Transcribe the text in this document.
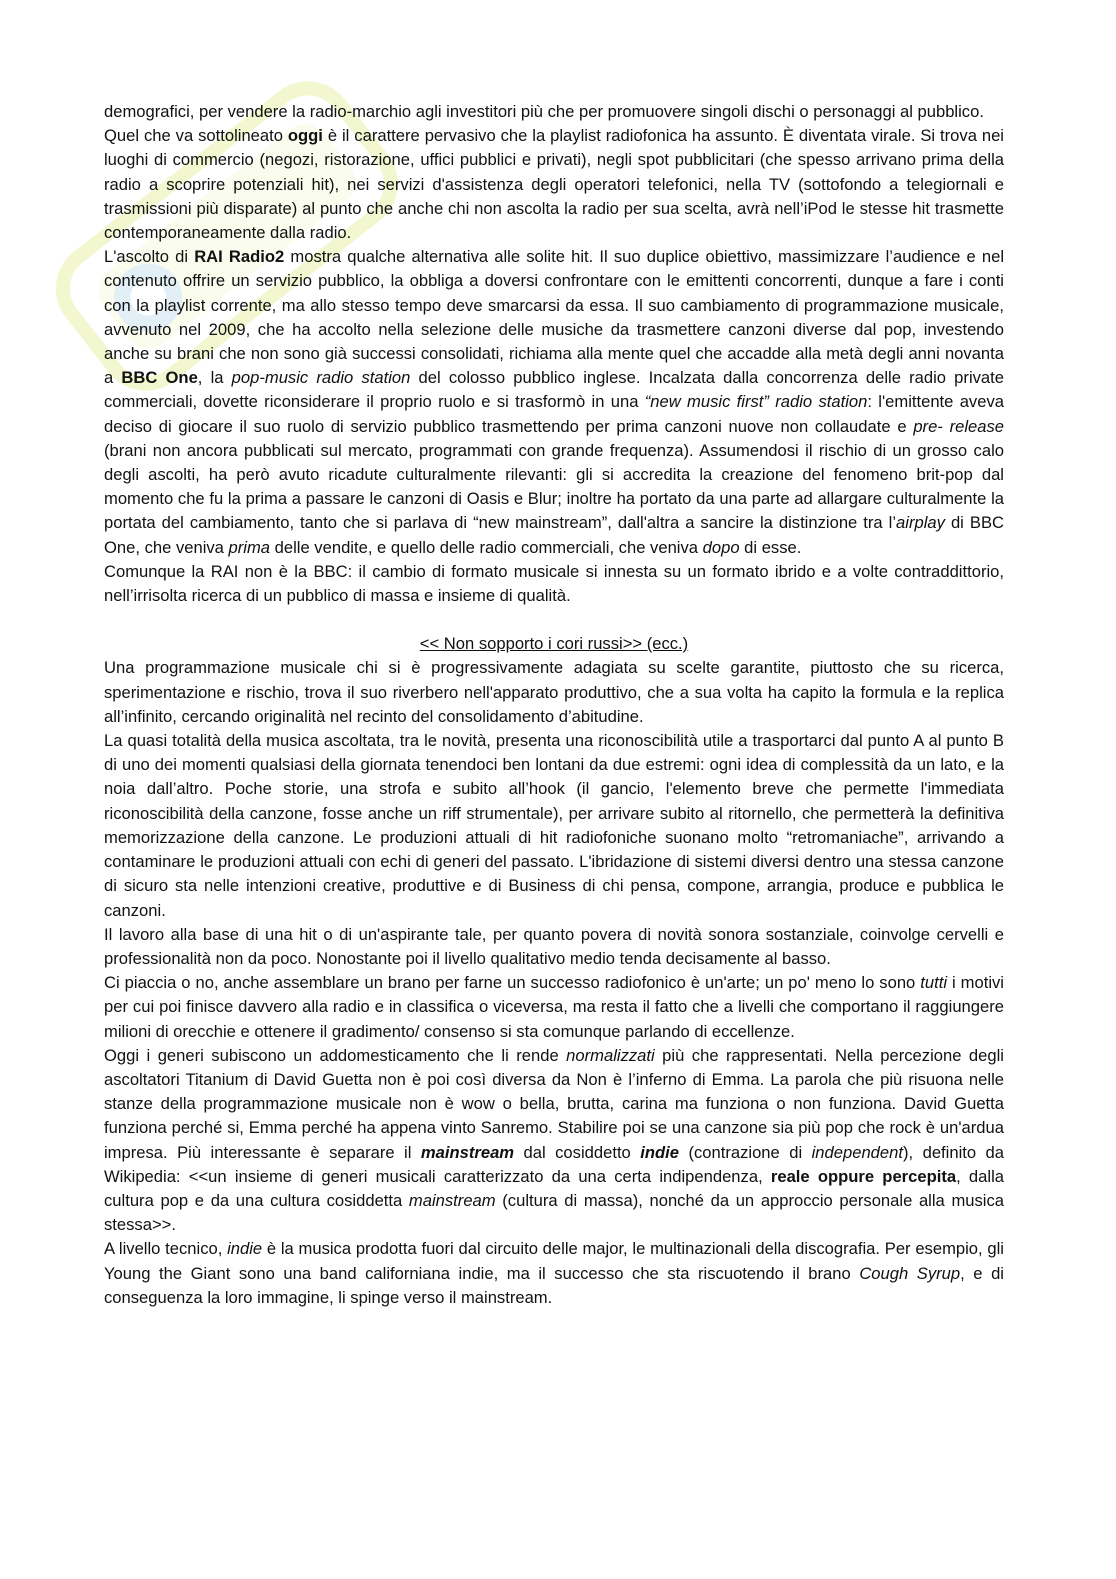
demografici, per vendere la radio-marchio agli investitori più che per promuovere singoli dischi o personaggi al pubblico.

Quel che va sottolineato oggi è il carattere pervasivo che la playlist radiofonica ha assunto. È diventata virale. Si trova nei luoghi di commercio (negozi, ristorazione, uffici pubblici e privati), negli spot pubblicitari (che spesso arrivano prima della radio a scoprire potenziali hit), nei servizi d'assistenza degli operatori telefonici, nella TV (sottofondo a telegiornali e trasmissioni più disparate) al punto che anche chi non ascolta la radio per sua scelta, avrà nell’iPod le stesse hit trasmette contemporaneamente dalla radio.

L'ascolto di RAI Radio2 mostra qualche alternativa alle solite hit. Il suo duplice obiettivo, massimizzare l’audience e nel contenuto offrire un servizio pubblico, la obbliga a doversi confrontare con le emittenti concorrenti, dunque a fare i conti con la playlist corrente, ma allo stesso tempo deve smarcarsi da essa. Il suo cambiamento di programmazione musicale, avvenuto nel 2009, che ha accolto nella selezione delle musiche da trasmettere canzoni diverse dal pop, investendo anche su brani che non sono già successi consolidati, richiama alla mente quel che accadde alla metà degli anni novanta a BBC One, la pop-music radio station del colosso pubblico inglese. Incalzata dalla concorrenza delle radio private commerciali, dovette riconsiderare il proprio ruolo e si trasformò in una “new music first” radio station: l'emittente aveva deciso di giocare il suo ruolo di servizio pubblico trasmettendo per prima canzoni nuove non collaudate e pre- release (brani non ancora pubblicati sul mercato, programmati con grande frequenza). Assumendosi il rischio di un grosso calo degli ascolti, ha però avuto ricadute culturalmente rilevanti: gli si accredita la creazione del fenomeno brit-pop dal momento che fu la prima a passare le canzoni di Oasis e Blur; inoltre ha portato da una parte ad allargare culturalmente la portata del cambiamento, tanto che si parlava di “new mainstream”, dall'altra a sancire la distinzione tra l’airplay di BBC One, che veniva prima delle vendite, e quello delle radio commerciali, che veniva dopo di esse.

Comunque la RAI non è la BBC: il cambio di formato musicale si innesta su un formato ibrido e a volte contraddittorio, nell’irrisolta ricerca di un pubblico di massa e insieme di qualità.

<< Non sopporto i cori russi>> (ecc.)

Una programmazione musicale chi si è progressivamente adagiata su scelte garantite, piuttosto che su ricerca, sperimentazione e rischio, trova il suo riverbero nell'apparato produttivo, che a sua volta ha capito la formula e la replica all’infinito, cercando originalità nel recinto del consolidamento d’abitudine.

La quasi totalità della musica ascoltata, tra le novità, presenta una riconoscibilità utile a trasportarci dal punto A al punto B di uno dei momenti qualsiasi della giornata tenendoci ben lontani da due estremi: ogni idea di complessità da un lato, e la noia dall’altro. Poche storie, una strofa e subito all’hook (il gancio, l'elemento breve che permette l'immediata riconoscibilità della canzone, fosse anche un riff strumentale), per arrivare subito al ritornello, che permetterà la definitiva memorizzazione della canzone. Le produzioni attuali di hit radiofoniche suonano molto “retromaniache”, arrivando a contaminare le produzioni attuali con echi di generi del passato. L'ibridazione di sistemi diversi dentro una stessa canzone di sicuro sta nelle intenzioni creative, produttive e di Business di chi pensa, compone, arrangia, produce e pubblica le canzoni.

Il lavoro alla base di una hit o di un'aspirante tale, per quanto povera di novità sonora sostanziale, coinvolge cervelli e professionalità non da poco. Nonostante poi il livello qualitativo medio tenda decisamente al basso.

Ci piaccia o no, anche assemblare un brano per farne un successo radiofonico è un'arte; un po' meno lo sono tutti i motivi per cui poi finisce davvero alla radio e in classifica o viceversa, ma resta il fatto che a livelli che comportano il raggiungere milioni di orecchie e ottenere il gradimento/ consenso si sta comunque parlando di eccellenze.

Oggi i generi subiscono un addomesticamento che li rende normalizzati più che rappresentati. Nella percezione degli ascoltatori Titanium di David Guetta non è poi così diversa da Non è l’inferno di Emma. La parola che più risuona nelle stanze della programmazione musicale non è wow o bella, brutta, carina ma funziona o non funziona. David Guetta funziona perché si, Emma perché ha appena vinto Sanremo. Stabilire poi se una canzone sia più pop che rock è un'ardua impresa. Più interessante è separare il mainstream dal cosiddetto indie (contrazione di independent), definito da Wikipedia: <<un insieme di generi musicali caratterizzato da una certa indipendenza, reale oppure percepita, dalla cultura pop e da una cultura cosiddetta mainstream (cultura di massa), nonché da un approccio personale alla musica stessa>>.

A livello tecnico, indie è la musica prodotta fuori dal circuito delle major, le multinazionali della discografia. Per esempio, gli Young the Giant sono una band californiana indie, ma il successo che sta riscuotendo il brano Cough Syrup, e di conseguenza la loro immagine, li spinge verso il mainstream.
